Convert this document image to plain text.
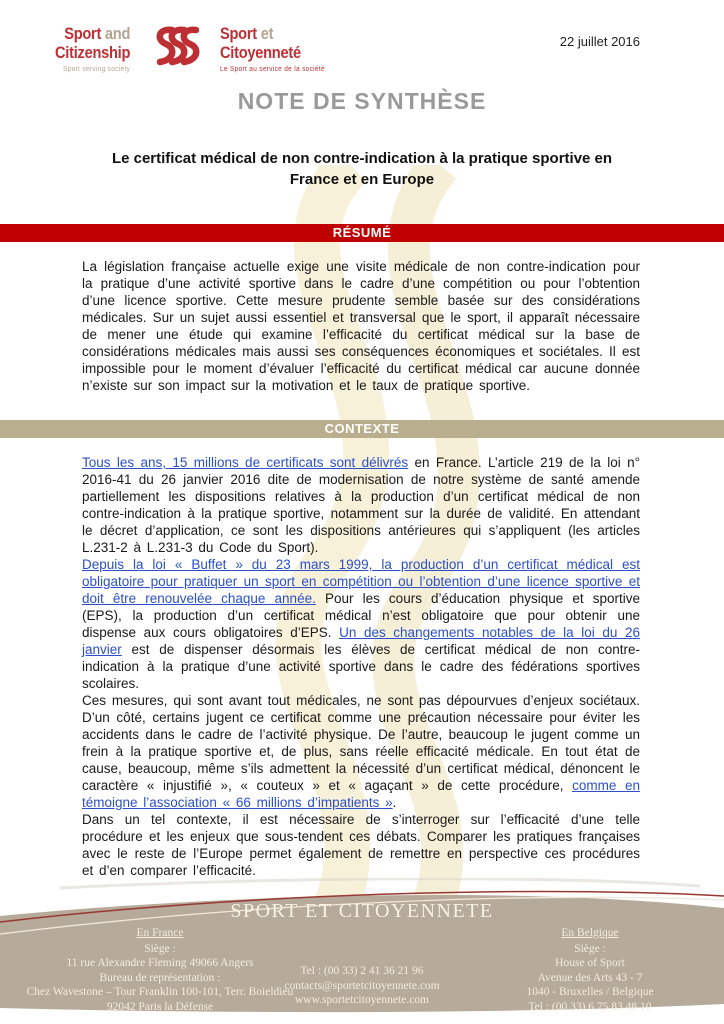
Sport and
Citizenship
Sport serving society
Sport et
Citoyenneté
Le Sport au service de la société
22 juillet 2016
NOTE DE SYNTHÈSE
Le certificat médical de non contre-indication à la pratique sportive en
France et en Europe
RÉSUMÉ

La législation française actuelle exige une visite médicale de non contre-indication pour la pratique d’une activité sportive dans le cadre d’une compétition ou pour l’obtention d’une licence sportive. Cette mesure prudente semble basée sur des considérations médicales. Sur un sujet aussi essentiel et transversal que le sport, il apparaît nécessaire de mener une étude qui examine l’efficacité du certificat médical sur la base de considérations médicales mais aussi ses conséquences économiques et sociétales. Il est impossible pour le moment d’évaluer l’efficacité du certificat médical car aucune donnée n’existe sur son impact sur la motivation et le taux de pratique sportive.

CONTEXTE

Tous les ans, 15 millions de certificats sont délivrés en France. L’article 219 de la loi n° 2016-41 du 26 janvier 2016 dite de modernisation de notre système de santé amende partiellement les dispositions relatives à la production d’un certificat médical de non contre-indication à la pratique sportive, notamment sur la durée de validité. En attendant le décret d’application, ce sont les dispositions antérieures qui s’appliquent (les articles L.231-2 à L.231-3 du Code du Sport).

Depuis la loi « Buffet » du 23 mars 1999, la production d’un certificat médical est obligatoire pour pratiquer un sport en compétition ou l’obtention d’une licence sportive et doit être renouvelée chaque année. Pour les cours d’éducation physique et sportive (EPS), la production d’un certificat médical n’est obligatoire que pour obtenir une dispense aux cours obligatoires d’EPS. Un des changements notables de la loi du 26 janvier est de dispenser désormais les élèves de certificat médical de non contre-indication à la pratique d’une activité sportive dans le cadre des fédérations sportives scolaires.

Ces mesures, qui sont avant tout médicales, ne sont pas dépourvues d’enjeux sociétaux. D’un côté, certains jugent ce certificat comme une précaution nécessaire pour éviter les accidents dans le cadre de l’activité physique. De l’autre, beaucoup le jugent comme un frein à la pratique sportive et, de plus, sans réelle efficacité médicale. En tout état de cause, beaucoup, même s’ils admettent la nécessité d’un certificat médical, dénoncent le caractère « injustifié », « couteux » et « agaçant » de cette procédure, comme en témoigne l’association « 66 millions d’impatients ».

Dans un tel contexte, il est nécessaire de s’interroger sur l’efficacité d’une telle procédure et les enjeux que sous-tendent ces débats. Comparer les pratiques françaises avec le reste de l’Europe permet également de remettre en perspective ces procédures et d’en comparer l’efficacité.

SPORT ET CITOYENNETE
En France
Siège :
11 rue Alexandre Fleming 49066 Angers
Bureau de représentation :
Chez Wavestone – Tour Franklin 100-101, Terr. Boieldieu
92042 Paris la Défense
Tel : (00 33) 2 41 36 21 96
contacts@sportetcitoyennete.com
www.sportetcitoyennete.com
En Belgique
Siège :
House of Sport
Avenue des Arts 43 - 7
1040 - Bruxelles / Belgique
Tel : (00 33) 6 75 83 48 10
